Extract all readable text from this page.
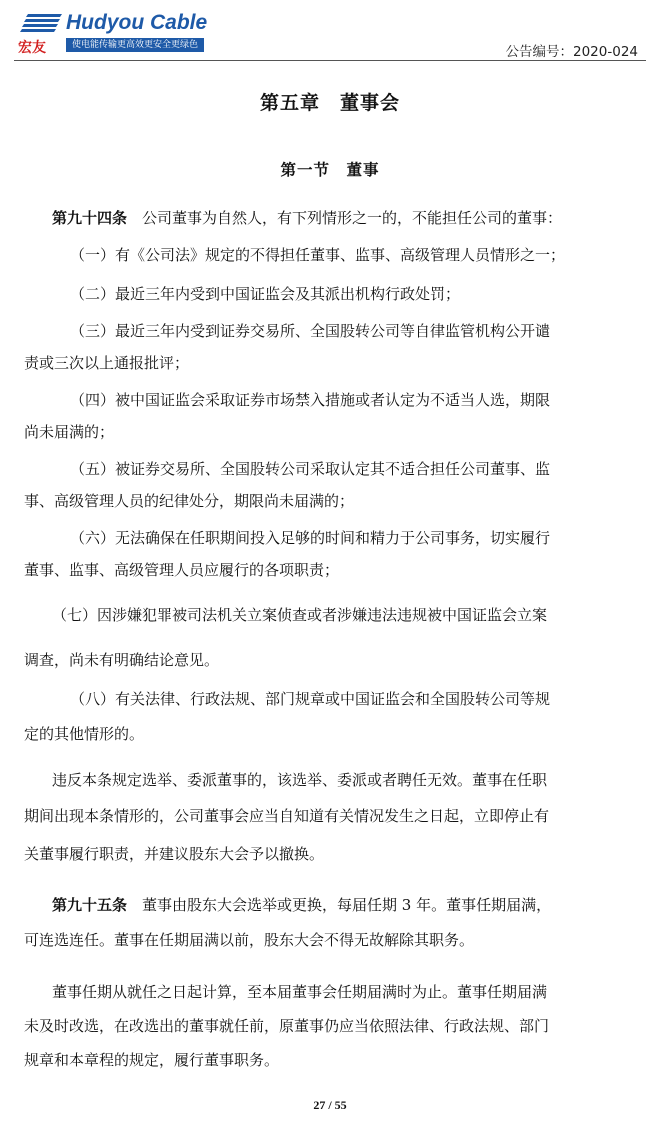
宏友
Hudyou Cable
使电能传输更高效更安全更绿色	公告编号：2020-024
第五章　董事会
第一节　董事
第九十四条　 公司董事为自然人，有下列情形之一的，不能担任公司的董事：
（一）有《公司法》规定的不得担任董事、监事、高级管理人员情形之一；
（二）最近三年内受到中国证监会及其派出机构行政处罚；
（三）最近三年内受到证券交易所、全国股转公司等自律监管机构公开谴
责或三次以上通报批评；
（四）被中国证监会采取证券市场禁入措施或者认定为不适当人选，期限
尚未届满的；
（五）被证券交易所、全国股转公司采取认定其不适合担任公司董事、监
事、高级管理人员的纪律处分，期限尚未届满的；
（六）无法确保在任职期间投入足够的时间和精力于公司事务，切实履行
董事、监事、高级管理人员应履行的各项职责；
（七）因涉嫌犯罪被司法机关立案侦查或者涉嫌违法违规被中国证监会立案
调查，尚未有明确结论意见。
（八）有关法律、行政法规、部门规章或中国证监会和全国股转公司等规
定的其他情形的。
违反本条规定选举、委派董事的，该选举、委派或者聘任无效。董事在任职
期间出现本条情形的，公司董事会应当自知道有关情况发生之日起，立即停止有
关董事履行职责，并建议股东大会予以撤换。
第九十五条　 董事由股东大会选举或更换，每届任期 3 年。董事任期届满，
可连选连任。董事在任期届满以前，股东大会不得无故解除其职务。
董事任期从就任之日起计算，至本届董事会任期届满时为止。董事任期届满
未及时改选，在改选出的董事就任前，原董事仍应当依照法律、行政法规、部门
规章和本章程的规定，履行董事职务。
27 / 55
